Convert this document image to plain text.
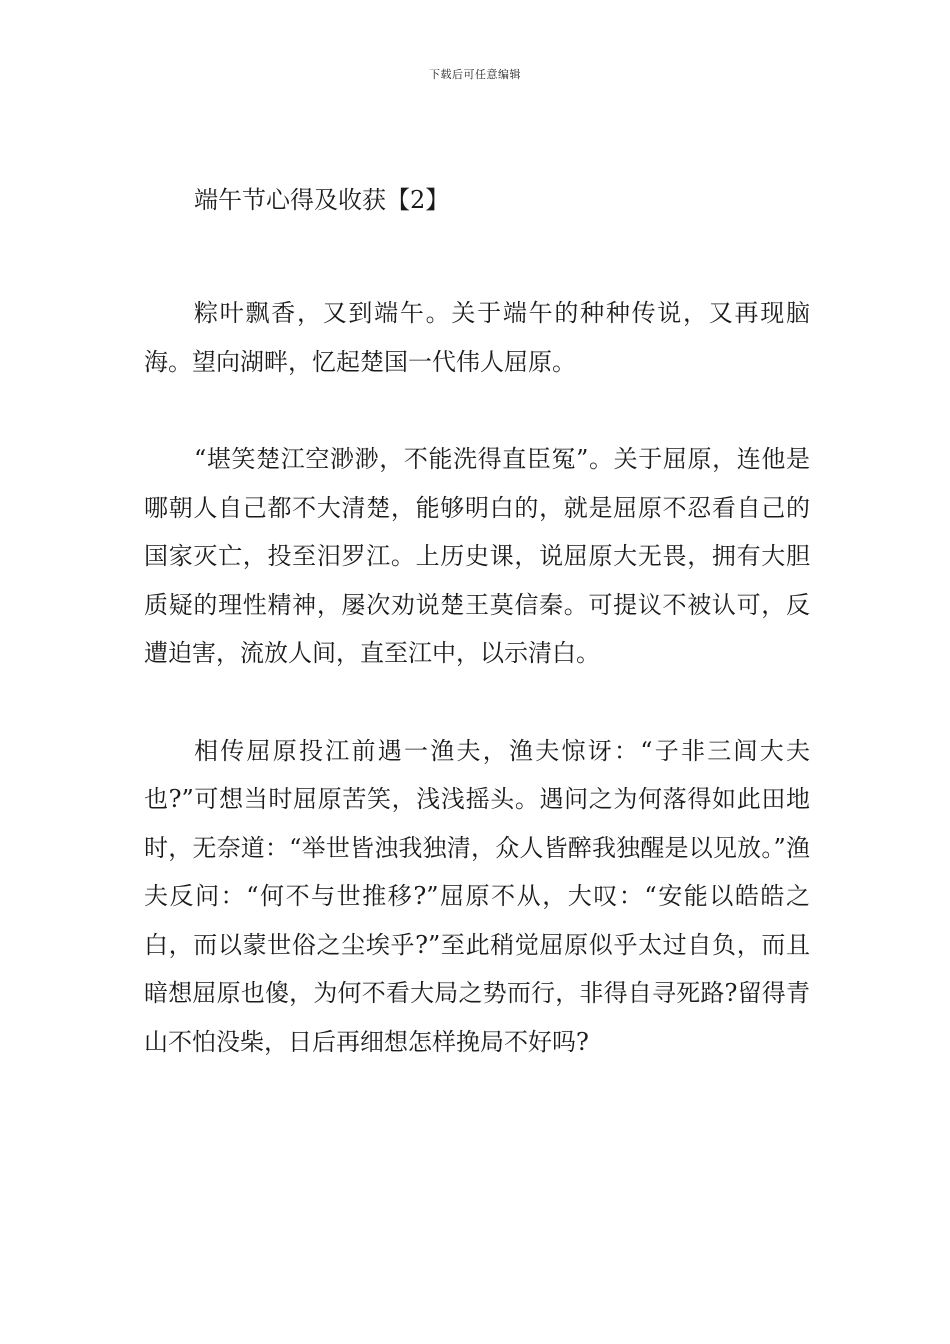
下载后可任意编辑
端午节心得及收获【2】

粽叶飘香，又到端午。关于端午的种种传说，又再现脑海。望向湖畔，忆起楚国一代伟人屈原。

“堪笑楚江空渺渺，不能洗得直臣冤”。关于屈原，连他是哪朝人自己都不大清楚，能够明白的，就是屈原不忍看自己的国家灭亡，投至汨罗江。上历史课，说屈原大无畏，拥有大胆质疑的理性精神，屡次劝说楚王莫信秦。可提议不被认可，反遭迫害，流放人间，直至江中，以示清白。

相传屈原投江前遇一渔夫，渔夫惊讶：“子非三闾大夫也?”可想当时屈原苦笑，浅浅摇头。遇问之为何落得如此田地时，无奈道：“举世皆浊我独清，众人皆醉我独醒是以见放。”渔夫反问：“何不与世推移?”屈原不从，大叹：“安能以皓皓之白，而以蒙世俗之尘埃乎?”至此稍觉屈原似乎太过自负，而且暗想屈原也傻，为何不看大局之势而行，非得自寻死路?留得青山不怕没柴，日后再细想怎样挽局不好吗?
